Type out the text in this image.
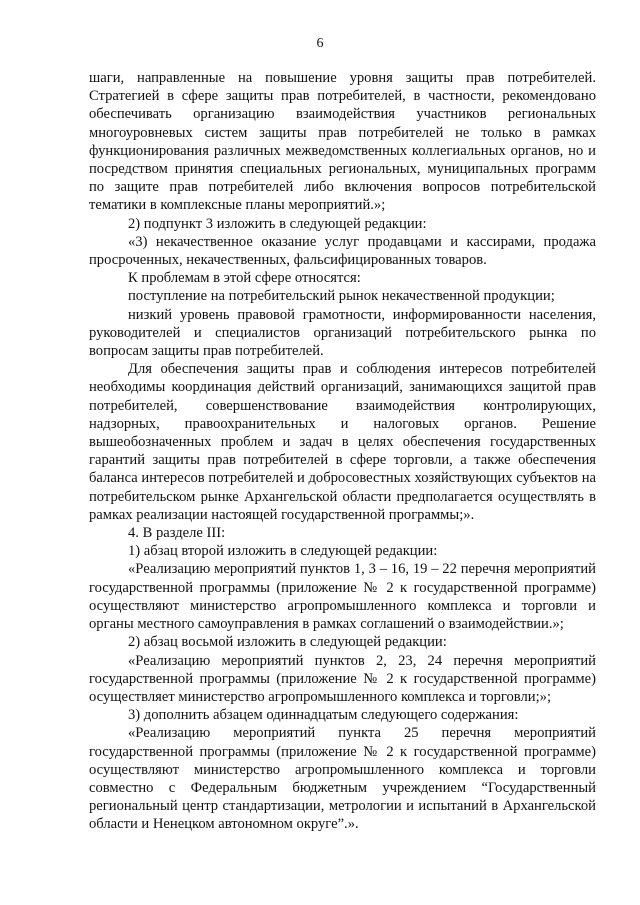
6

шаги, направленные на повышение уровня защиты прав потребителей. Стратегией в сфере защиты прав потребителей, в частности, рекомендовано обеспечивать организацию взаимодействия участников региональных многоуровневых систем защиты прав потребителей не только в рамках функционирования различных межведомственных коллегиальных органов, но и посредством принятия специальных региональных, муниципальных программ по защите прав потребителей либо включения вопросов потребительской тематики в комплексные планы мероприятий.»;

2) подпункт 3 изложить в следующей редакции:

«3) некачественное оказание услуг продавцами и кассирами, продажа просроченных, некачественных, фальсифицированных товаров.

К проблемам в этой сфере относятся:

поступление на потребительский рынок некачественной продукции;

низкий уровень правовой грамотности, информированности населения, руководителей и специалистов организаций потребительского рынка по вопросам защиты прав потребителей.

Для обеспечения защиты прав и соблюдения интересов потребителей необходимы координация действий организаций, занимающихся защитой прав потребителей, совершенствование взаимодействия контролирующих, надзорных, правоохранительных и налоговых органов. Решение вышеобозначенных проблем и задач в целях обеспечения государственных гарантий защиты прав потребителей в сфере торговли, а также обеспечения баланса интересов потребителей и добросовестных хозяйствующих субъектов на потребительском рынке Архангельской области предполагается осуществлять в рамках реализации настоящей государственной программы;».

4. В разделе III:

1) абзац второй изложить в следующей редакции:

«Реализацию мероприятий пунктов 1, 3 – 16, 19 – 22 перечня мероприятий государственной программы (приложение № 2 к государственной программе) осуществляют министерство агропромышленного комплекса и торговли и органы местного самоуправления в рамках соглашений о взаимодействии.»;

2) абзац восьмой изложить в следующей редакции:

«Реализацию мероприятий пунктов 2, 23, 24 перечня мероприятий государственной программы (приложение № 2 к государственной программе) осуществляет министерство агропромышленного комплекса и торговли;»;

3) дополнить абзацем одиннадцатым следующего содержания:

«Реализацию мероприятий пункта 25 перечня мероприятий государственной программы (приложение № 2 к государственной программе) осуществляют министерство агропромышленного комплекса и торговли совместно с Федеральным бюджетным учреждением “Государственный региональный центр стандартизации, метрологии и испытаний в Архангельской области и Ненецком автономном округе”.».
